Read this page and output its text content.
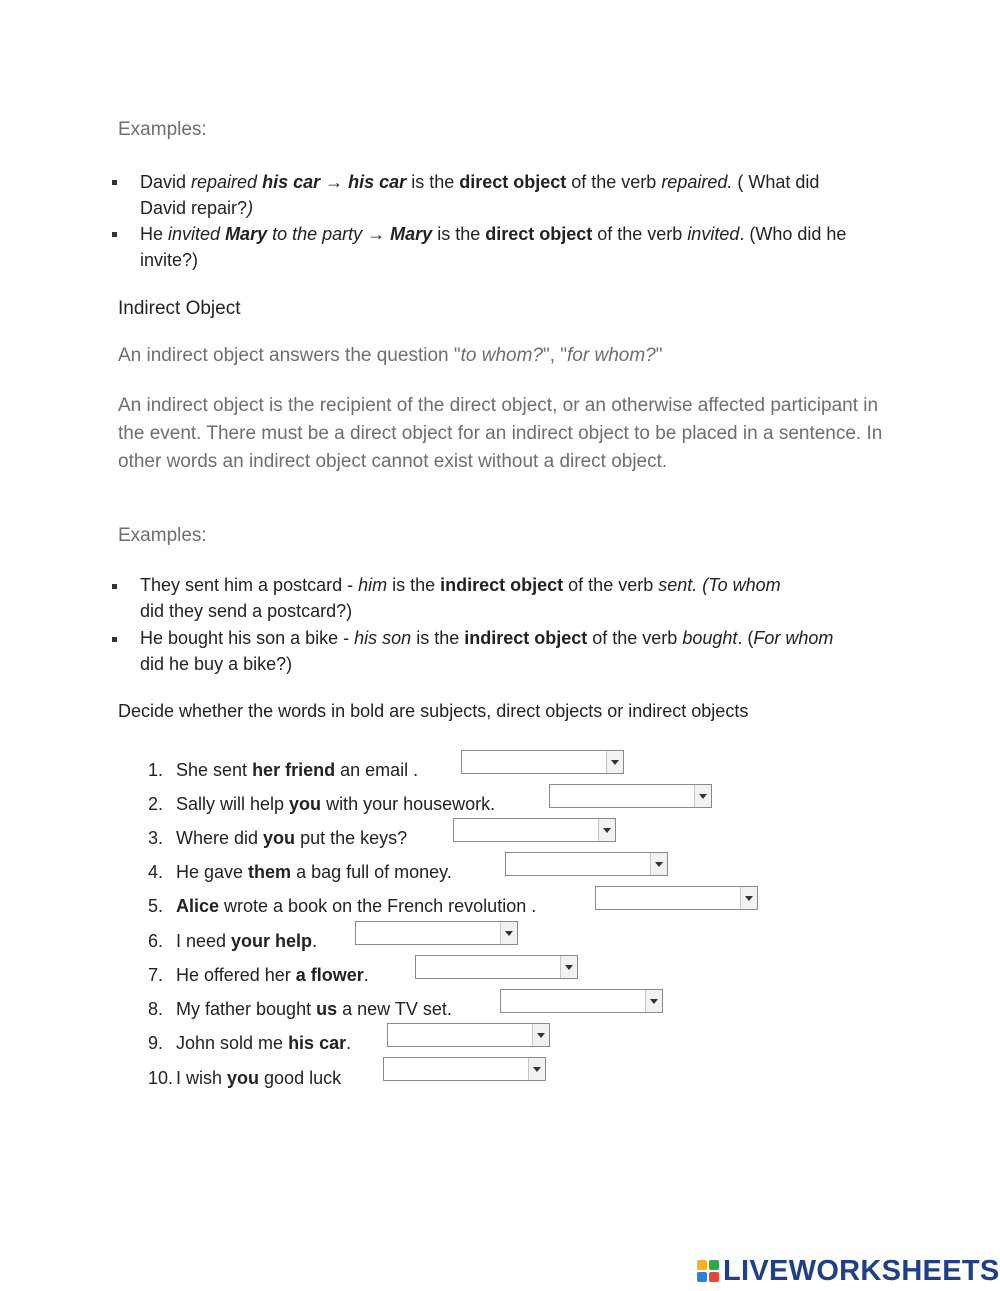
Examples:
David repaired his car → his car is the direct object of the verb repaired. ( What did David repair?)
He invited Mary to the party → Mary is the direct object of the verb invited. (Who did he invite?)
Indirect Object
An indirect object answers the question "to whom?", "for whom?"
An indirect object is the recipient of the direct object, or an otherwise affected participant in the event. There must be a direct object for an indirect object to be placed in a sentence. In other words an indirect object cannot exist without a direct object.
Examples:
They sent him a postcard - him is the indirect object of the verb sent. (To whom did they send a postcard?)
He bought his son a bike - his son is the indirect object of the verb bought. (For whom did he buy a bike?)
Decide whether the words in bold are subjects, direct objects or indirect objects
1. She sent her friend an email .
2. Sally will help you with your housework.
3. Where did you put the keys?
4. He gave them a bag full of money.
5. Alice wrote a book on the French revolution .
6. I need your help.
7. He offered her a flower.
8. My father bought us a new TV set.
9. John sold me his car.
10. I wish you good luck
LIVEWORKSHEETS
